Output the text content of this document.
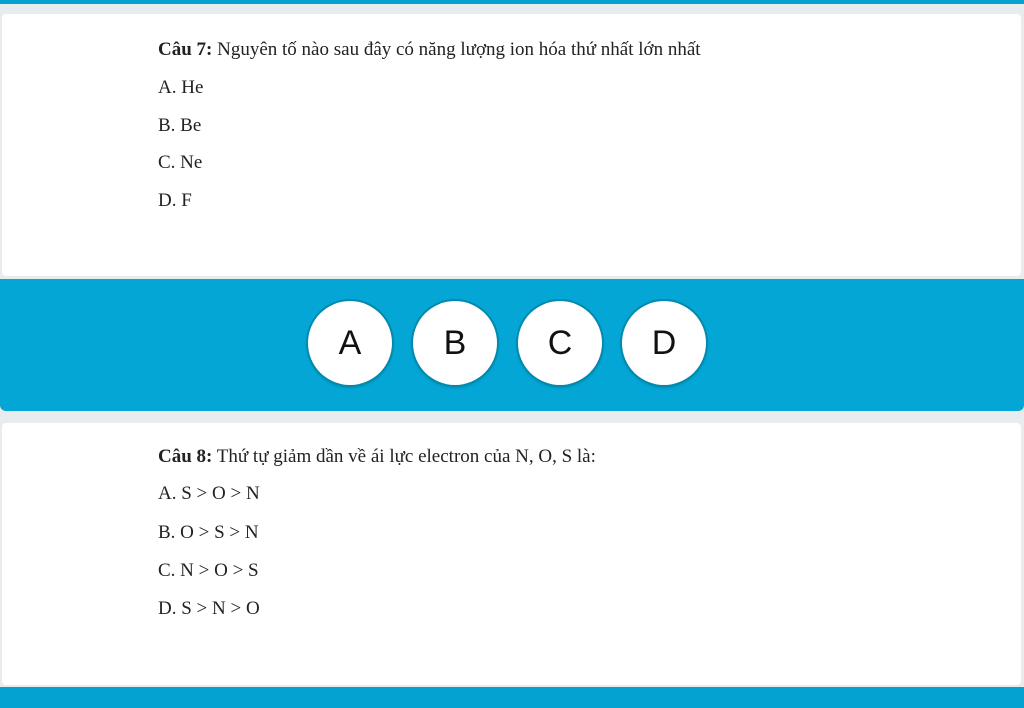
Câu 7: Nguyên tố nào sau đây có năng lượng ion hóa thứ nhất lớn nhất
A. He
B. Be
C. Ne
D. F
A	B	C	D
Câu 8: Thứ tự giảm dần về ái lực electron của N, O, S là:
A. S > O > N
B. O > S > N
C. N > O > S
D. S > N > O
